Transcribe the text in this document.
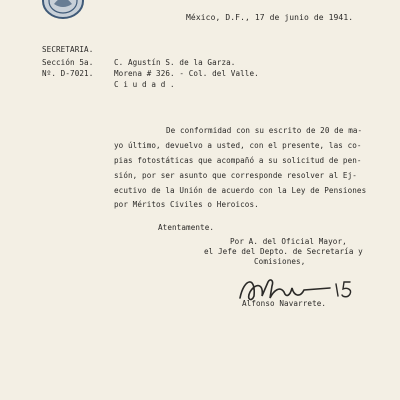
México, D.F., 17 de junio de 1941.
SECRETARIA.
Sección 5a.
Nº. D-7021.
C. Agustín S. de la Garza.
Morena # 326. - Col. del Valle.
C i u d a d .
De conformidad con su escrito de 20 de ma-
yo último, devuelvo a usted, con el presente, las co-
pias fotostáticas que acompañó a su solicitud de pen-
sión, por ser asunto que corresponde resolver al Ej-
ecutivo de la Unión de acuerdo con la Ley de Pensiones
por Méritos Civiles o Heroicos.
Atentamente.
Por A. del Oficial Mayor,
el Jefe del Depto. de Secretaría y
Comisiones,
Alfonso Navarrete.
